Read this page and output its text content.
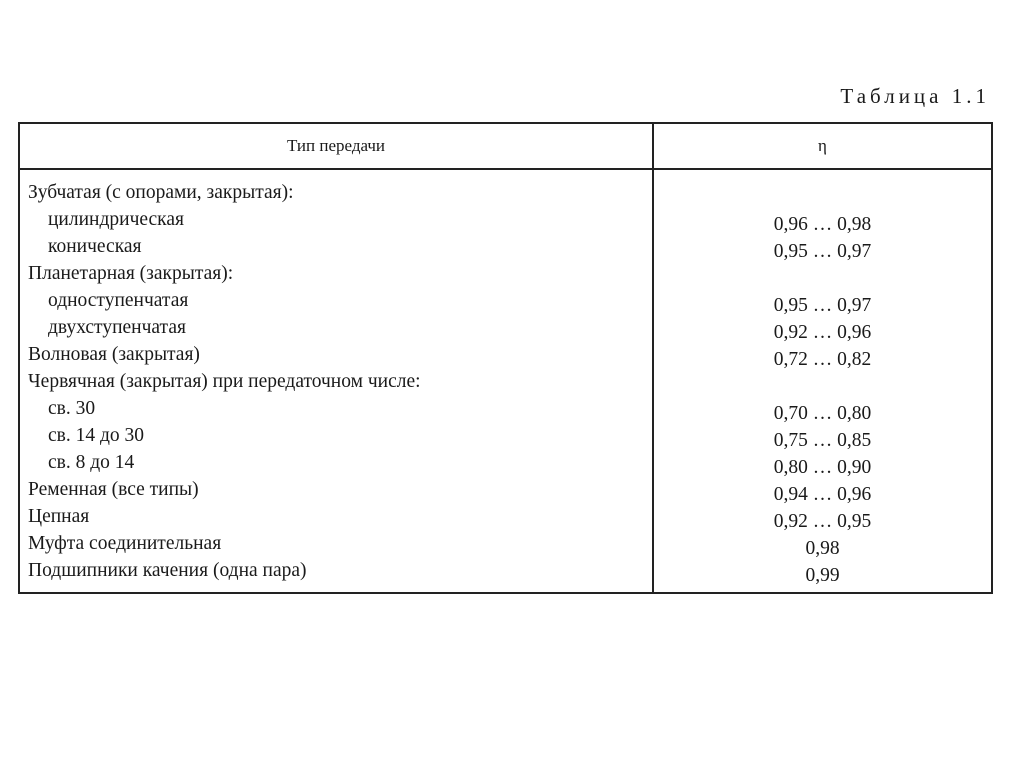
Таблица 1.1
Тип передачи	η
Зубчатая (с опорами, закрытая):
цилиндрическая	0,96 … 0,98
коническая	0,95 … 0,97
Планетарная (закрытая):
одноступенчатая	0,95 … 0,97
двухступенчатая	0,92 … 0,96
Волновая (закрытая)	0,72 … 0,82
Червячная (закрытая) при передаточном числе:
св. 30	0,70 … 0,80
св. 14 до 30	0,75 … 0,85
св. 8 до 14	0,80 … 0,90
Ременная (все типы)	0,94 … 0,96
Цепная	0,92 … 0,95
Муфта соединительная	0,98
Подшипники качения (одна пара)	0,99
